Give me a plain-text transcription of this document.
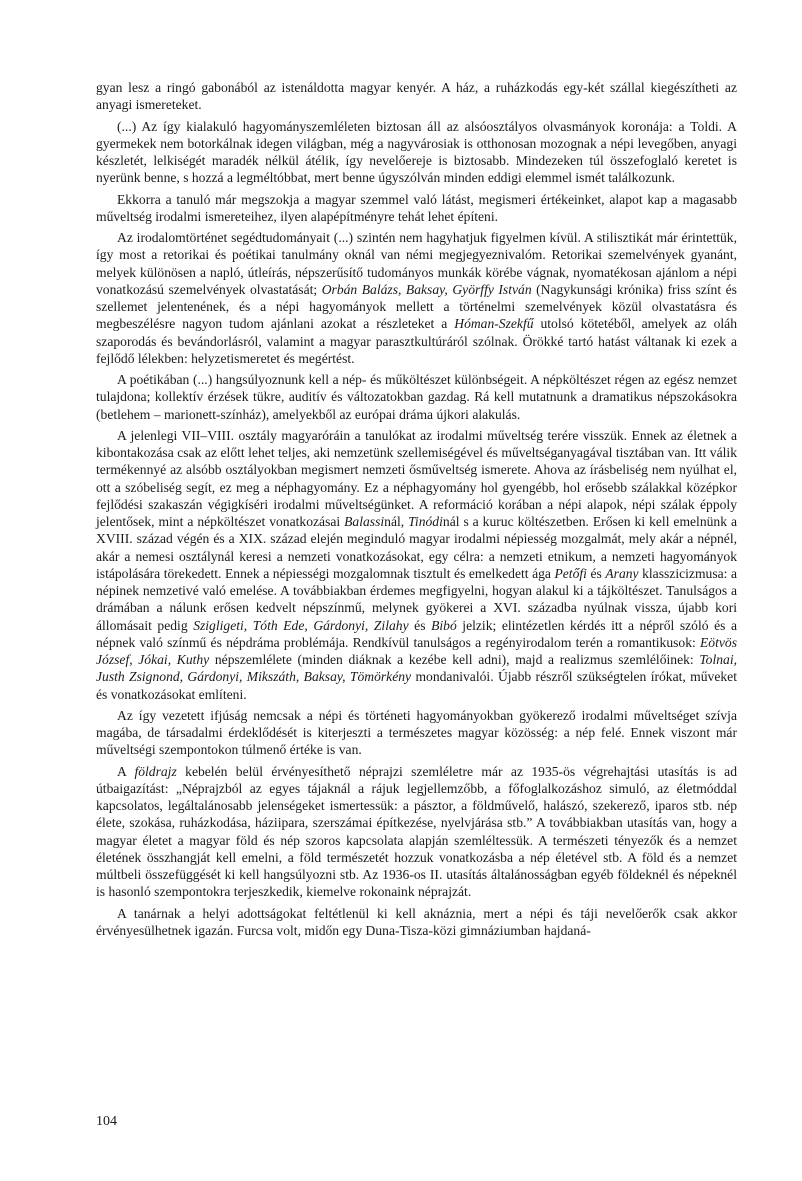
gyan lesz a ringó gabonából az istenáldotta magyar kenyér. A ház, a ruházkodás egy-két szállal kiegészítheti az anyagi ismereteket.

(...) Az így kialakuló hagyományszemléleten biztosan áll az alsóosztályos olvasmányok koronája: a Toldi. A gyermekek nem botorkálnak idegen világban, még a nagyvárosiak is otthonosan mozognak a népi levegőben, anyagi készletét, lelkiségét maradék nélkül átélik, így nevelőereje is biztosabb. Mindezeken túl összefoglaló keretet is nyerünk benne, s hozzá a legméltóbbat, mert benne úgyszólván minden eddigi elemmel ismét találkozunk.

Ekkorra a tanuló már megszokja a magyar szemmel való látást, megismeri értékeinket, alapot kap a magasabb műveltség irodalmi ismereteihez, ilyen alapépítményre tehát lehet építeni.

Az irodalomtörténet segédtudományait (...) szintén nem hagyhatjuk figyelmen kívül. A stilisztikát már érintettük, így most a retorikai és poétikai tanulmány oknál van némi megjegyeznivalóm. Retorikai szemelvények gyanánt, melyek különösen a napló, útleírás, népszerűsítő tudományos munkák körébe vágnak, nyomatékosan ajánlom a népi vonatkozású szemelvények olvastatását; Orbán Balázs, Baksay, Györffy István (Nagykunsági krónika) friss színt és szellemet jelentenének, és a népi hagyományok mellett a történelmi szemelvények közül olvastatásra és megbeszélésre nagyon tudom ajánlani azokat a részleteket a Hóman-Szekfű utolsó kötetéből, amelyek az oláh szaporodás és bevándorlásról, valamint a magyar parasztkultúráról szólnak. Örökké tartó hatást váltanak ki ezek a fejlődő lélekben: helyzetismeretet és megértést.

A poétikában (...) hangsúlyoznunk kell a nép- és műköltészet különbségeit. A népköltészet régen az egész nemzet tulajdona; kollektív érzések tükre, auditív és változatokban gazdag. Rá kell mutatnunk a dramatikus népszokásokra (betlehem – marionett-színház), amelyekből az európai dráma újkori alakulás.

A jelenlegi VII–VIII. osztály magyaróráin a tanulókat az irodalmi műveltség terére visszük. Ennek az életnek a kibontakozása csak az előtt lehet teljes, aki nemzetünk szellemiségével és műveltséganyagával tisztában van. Itt válik termékennyé az alsóbb osztályokban megismert nemzeti ősműveltség ismerete. Ahova az írásbeliség nem nyúlhat el, ott a szóbeliség segít, ez meg a néphagyomány. Ez a néphagyomány hol gyengébb, hol erősebb szálakkal középkor fejlődési szakaszán végigkíséri irodalmi műveltségünket. A reformáció korában a népi alapok, népi szálak éppoly jelentősek, mint a népköltészet vonatkozásai Balassinál, Tinódinál s a kuruc költészetben. Erősen ki kell emelnünk a XVIII. század végén és a XIX. század elején meginduló magyar irodalmi népiesség mozgalmát, mely akár a népnél, akár a nemesi osztálynál keresi a nemzeti vonatkozásokat, egy célra: a nemzeti etnikum, a nemzeti hagyományok istápolására törekedett. Ennek a népiességi mozgalomnak tisztult és emelkedett ága Petőfi és Arany klasszicizmusa: a népinek nemzetivé való emelése. A továbbiakban érdemes megfigyelni, hogyan alakul ki a tájköltészet. Tanulságos a drámában a nálunk erősen kedvelt népszínmű, melynek gyökerei a XVI. századba nyúlnak vissza, újabb kori állomásait pedig Szigligeti, Tóth Ede, Gárdonyi, Zilahy és Bibó jelzik; elintézetlen kérdés itt a népről szóló és a népnek való színmű és népdráma problémája. Rendkívül tanulságos a regényirodalom terén a romantikusok: Eötvös József, Jókai, Kuthy népszemlélete (minden diáknak a kezébe kell adni), majd a realizmus szemlélőinek: Tolnai, Justh Zsignond, Gárdonyi, Mikszáth, Baksay, Tömörkény mondanivalói. Újabb részről szükségtelen írókat, műveket és vonatkozásokat említeni.

Az így vezetett ifjúság nemcsak a népi és történeti hagyományokban gyökerező irodalmi műveltséget szívja magába, de társadalmi érdeklődését is kiterjeszti a természetes magyar közösség: a nép felé. Ennek viszont már műveltségi szempontokon túlmenő értéke is van.

A földrajz kebelén belül érvényesíthető néprajzi szemléletre már az 1935-ös végrehajtási utasítás is ad útbaigazítást: „Néprajzból az egyes tájaknál a rájuk legjellemzőbb, a főfoglalkozáshoz simuló, az életmóddal kapcsolatos, legáltalánosabb jelenségeket ismertessük: a pásztor, a földművelő, halászó, szekerező, iparos stb. nép élete, szokása, ruházkodása, háziipara, szerszámai építkezése, nyelvjárása stb.” A továbbiakban utasítás van, hogy a magyar életet a magyar föld és nép szoros kapcsolata alapján szemléltessük. A természeti tényezők és a nemzet életének összhangját kell emelni, a föld természetét hozzuk vonatkozásba a nép életével stb. A föld és a nemzet múltbeli összefüggését ki kell hangsúlyozni stb. Az 1936-os II. utasítás általánosságban egyéb földeknél és népeknél is hasonló szempontokra terjeszkedik, kiemelve rokonaink néprajzát.

A tanárnak a helyi adottságokat feltétlenül ki kell aknáznia, mert a népi és táji nevelőerők csak akkor érvényesülhetnek igazán. Furcsa volt, midőn egy Duna-Tisza-közi gimnáziumban hajdaná-

104
